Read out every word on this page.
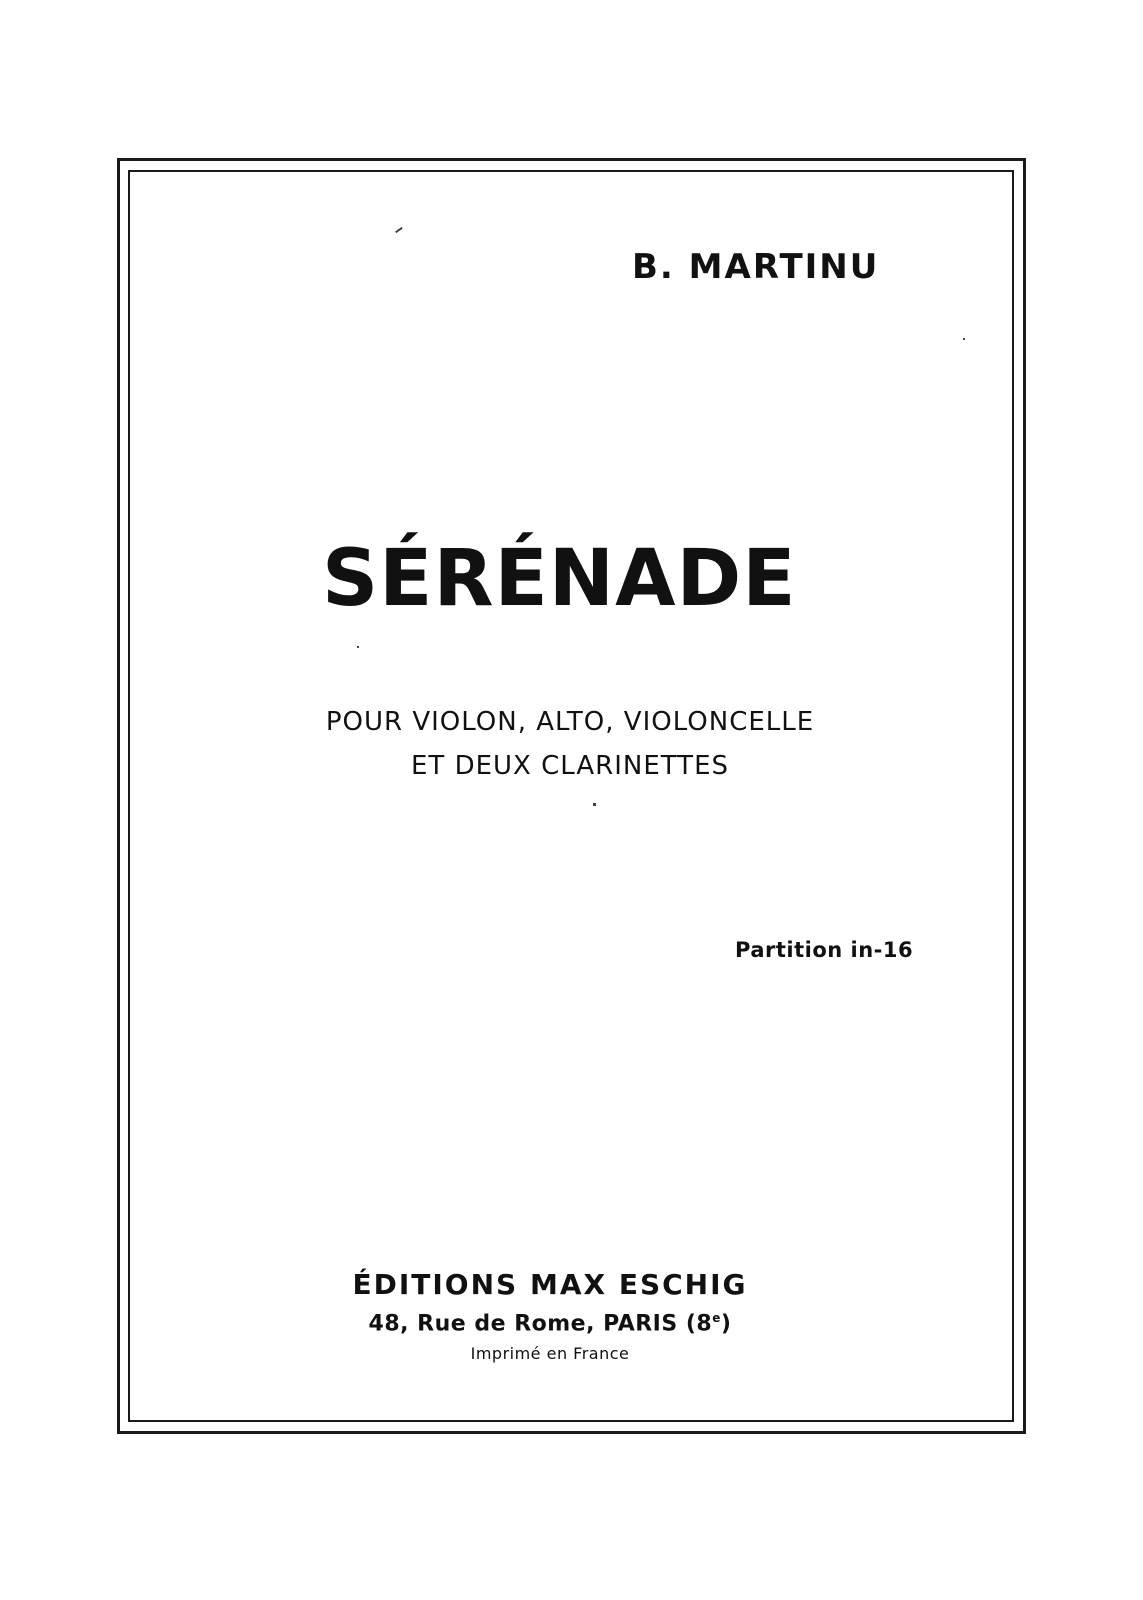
B. MARTINU
SÉRÉNADE
POUR VIOLON, ALTO, VIOLONCELLE
ET DEUX CLARINETTES
Partition in-16
ÉDITIONS MAX ESCHIG
48, Rue de Rome, PARIS (8e)
Imprimé en France
